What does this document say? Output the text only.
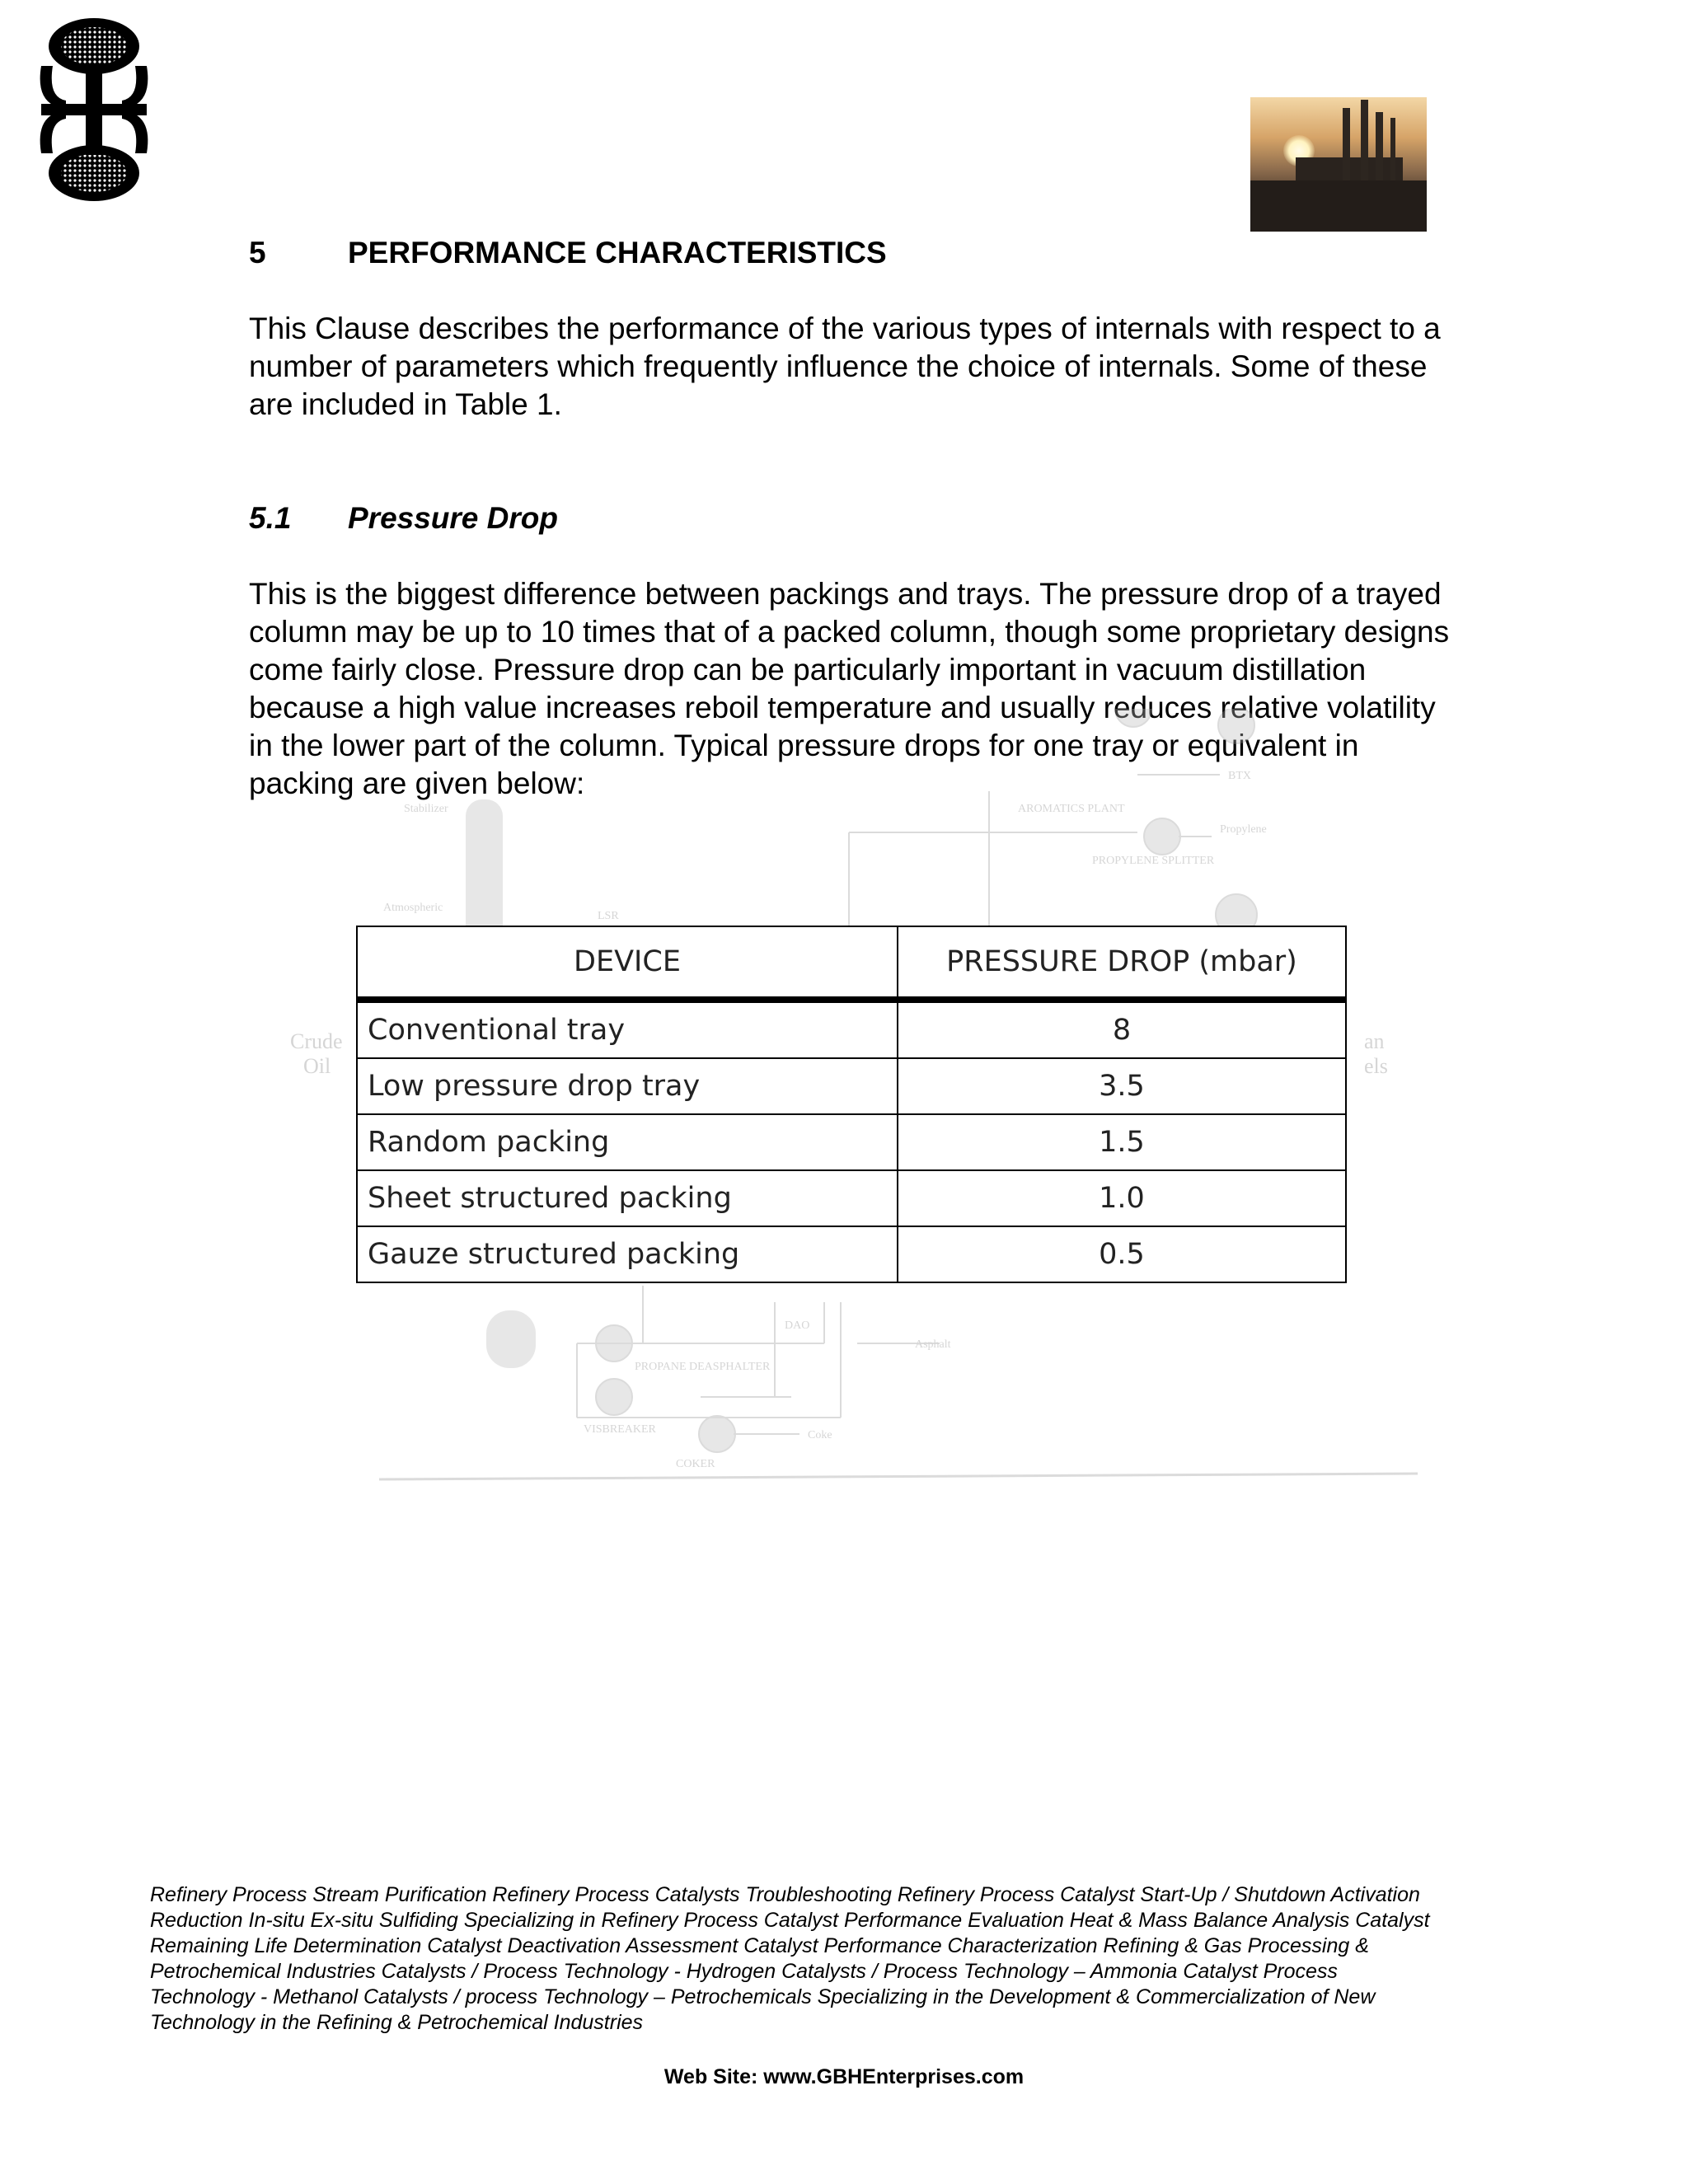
5	PERFORMANCE CHARACTERISTICS

This Clause describes the performance of the various types of internals with respect to a number of parameters which frequently influence the choice of internals. Some of these are included in Table 1.

5.1 Pressure Drop

This is the biggest difference between packings and trays. The pressure drop of a trayed column may be up to 10 times that of a packed column, though some proprietary designs come fairly close. Pressure drop can be particularly important in vacuum distillation because a high value increases reboil temperature and usually reduces relative volatility in the lower part of the column. Typical pressure drops for one tray or equivalent in packing are given below:

Stabilizer
Atmospheric
LSR
BTX
AROMATICS PLANT
Propylene
PROPYLENE SPLITTER
Crude
Oil
an
els
DAO
Asphalt
PROPANE DEASPHALTER
VISBREAKER	Coke
COKER
DEVICE	PRESSURE DROP (mbar)
Conventional tray	8
Low pressure drop tray	3.5
Random packing	1.5
Sheet structured packing	1.0
Gauze structured packing	0.5

Refinery Process Stream Purification Refinery Process Catalysts Troubleshooting Refinery Process Catalyst Start-Up / Shutdown Activation Reduction In-situ Ex-situ Sulfiding Specializing in Refinery Process Catalyst Performance Evaluation Heat & Mass Balance Analysis Catalyst Remaining Life Determination Catalyst Deactivation Assessment Catalyst Performance Characterization Refining & Gas Processing & Petrochemical Industries Catalysts / Process Technology - Hydrogen Catalysts / Process Technology – Ammonia Catalyst Process Technology - Methanol Catalysts / process Technology – Petrochemicals Specializing in the Development & Commercialization of New Technology in the Refining & Petrochemical Industries

Web Site: www.GBHEnterprises.com
